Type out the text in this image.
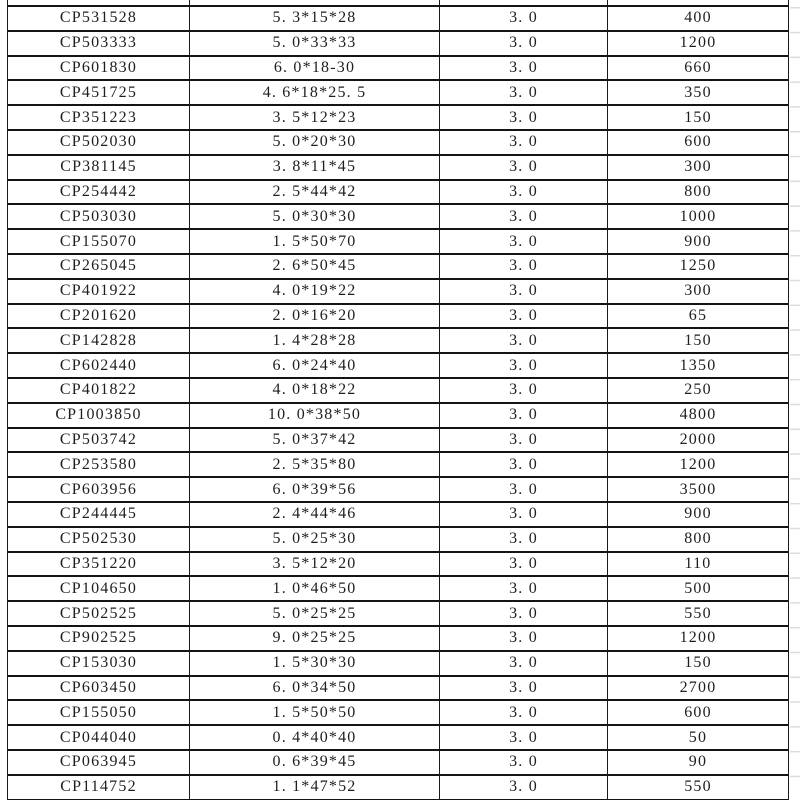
CP531528	5. 3*15*28	3. 0	400
CP503333	5. 0*33*33	3. 0	1200
CP601830	6. 0*18-30	3. 0	660
CP451725	4. 6*18*25. 5	3. 0	350
CP351223	3. 5*12*23	3. 0	150
CP502030	5. 0*20*30	3. 0	600
CP381145	3. 8*11*45	3. 0	300
CP254442	2. 5*44*42	3. 0	800
CP503030	5. 0*30*30	3. 0	1000
CP155070	1. 5*50*70	3. 0	900
CP265045	2. 6*50*45	3. 0	1250
CP401922	4. 0*19*22	3. 0	300
CP201620	2. 0*16*20	3. 0	65
CP142828	1. 4*28*28	3. 0	150
CP602440	6. 0*24*40	3. 0	1350
CP401822	4. 0*18*22	3. 0	250
CP1003850	10. 0*38*50	3. 0	4800
CP503742	5. 0*37*42	3. 0	2000
CP253580	2. 5*35*80	3. 0	1200
CP603956	6. 0*39*56	3. 0	3500
CP244445	2. 4*44*46	3. 0	900
CP502530	5. 0*25*30	3. 0	800
CP351220	3. 5*12*20	3. 0	110
CP104650	1. 0*46*50	3. 0	500
CP502525	5. 0*25*25	3. 0	550
CP902525	9. 0*25*25	3. 0	1200
CP153030	1. 5*30*30	3. 0	150
CP603450	6. 0*34*50	3. 0	2700
CP155050	1. 5*50*50	3. 0	600
CP044040	0. 4*40*40	3. 0	50
CP063945	0. 6*39*45	3. 0	90
CP114752	1. 1*47*52	3. 0	550
